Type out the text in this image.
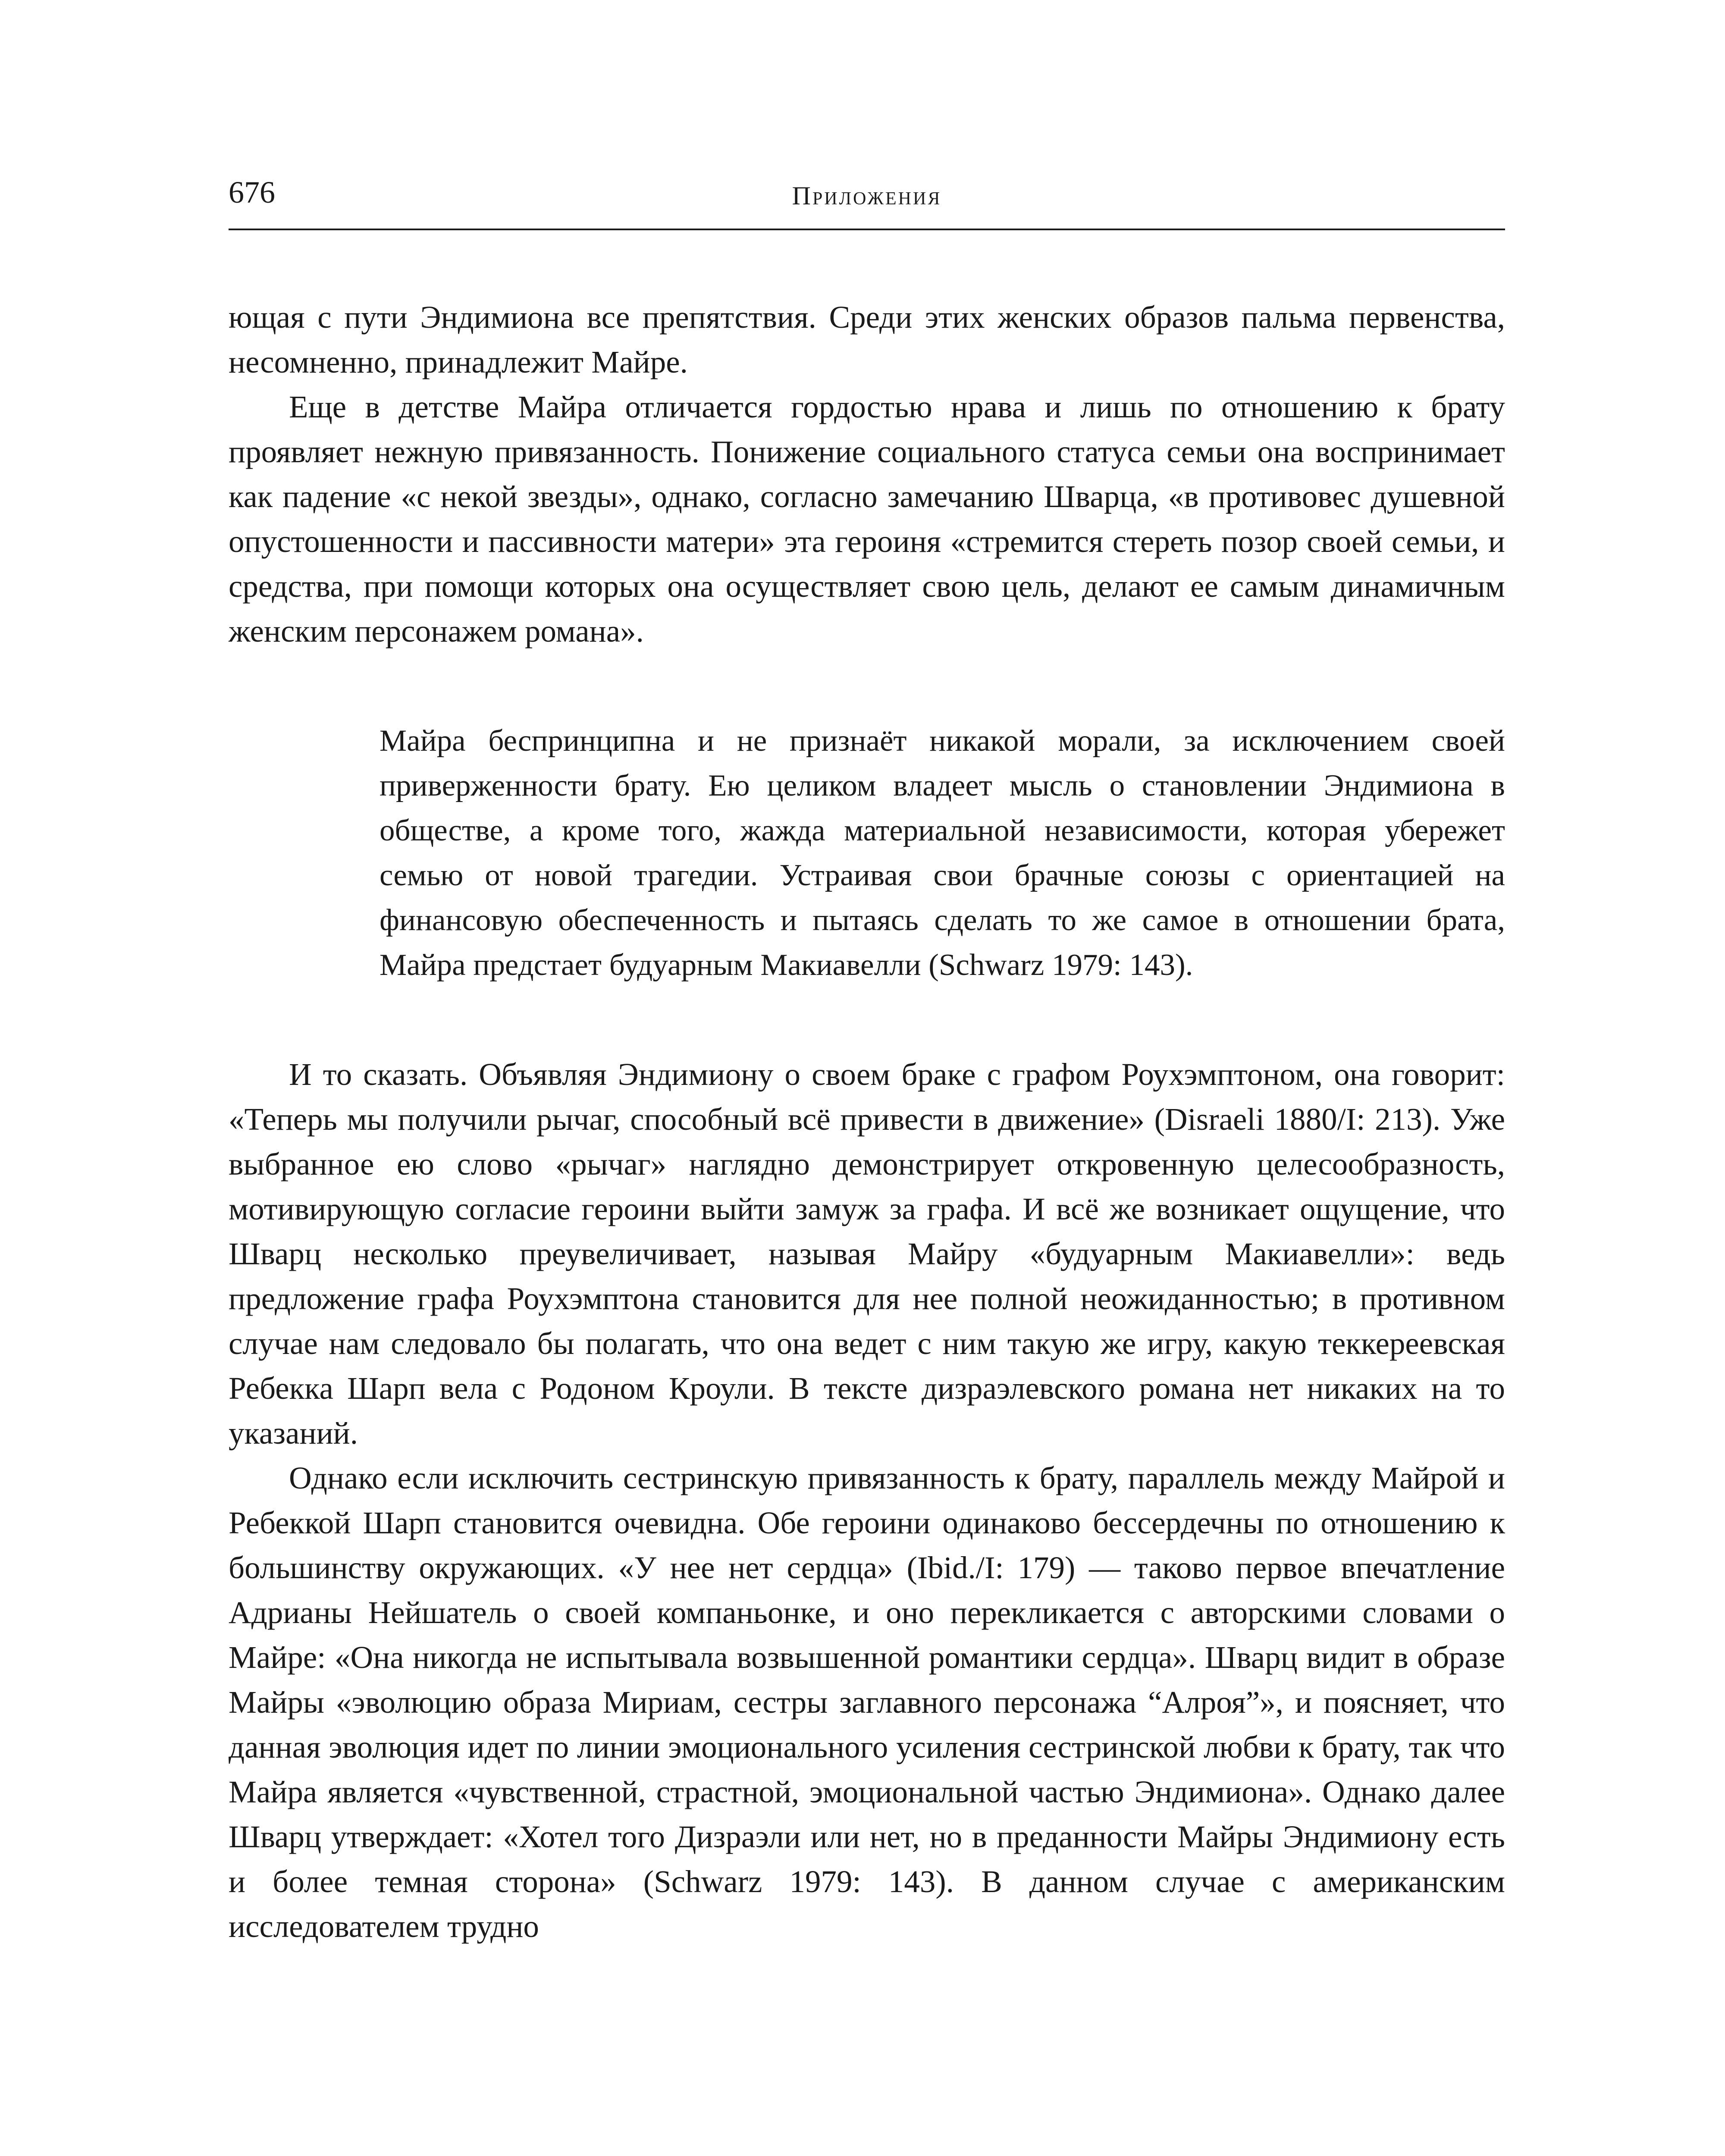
676	Приложения

ющая с пути Эндимиона все препятствия. Среди этих женских образов пальма первенства, несомненно, принадлежит Майре.

Еще в детстве Майра отличается гордостью нрава и лишь по отношению к брату проявляет нежную привязанность. Понижение социального статуса семьи она воспринимает как падение «с некой звезды», однако, согласно замечанию Шварца, «в противовес душевной опустошенности и пассивности матери» эта героиня «стремится стереть позор своей семьи, и средства, при помощи которых она осуществляет свою цель, делают ее самым динамичным женским персонажем романа».

Майра беспринципна и не признаёт никакой морали, за исключением своей приверженности брату. Ею целиком владеет мысль о становлении Эндимиона в обществе, а кроме того, жажда материальной независимости, которая убережет семью от новой трагедии. Устраивая свои брачные союзы с ориентацией на финансовую обеспеченность и пытаясь сделать то же самое в отношении брата, Майра предстает будуарным Макиавелли (Schwarz 1979: 143).

И то сказать. Объявляя Эндимиону о своем браке с графом Роухэмптоном, она говорит: «Теперь мы получили рычаг, способный всё привести в движение» (Disraeli 1880/I: 213). Уже выбранное ею слово «рычаг» наглядно демонстрирует откровенную целесообразность, мотивирующую согласие героини выйти замуж за графа. И всё же возникает ощущение, что Шварц несколько преувеличивает, называя Майру «будуарным Макиавелли»: ведь предложение графа Роухэмптона становится для нее полной неожиданностью; в противном случае нам следовало бы полагать, что она ведет с ним такую же игру, какую теккереевская Ребекка Шарп вела с Родоном Кроули. В тексте дизраэлевского романа нет никаких на то указаний.

Однако если исключить сестринскую привязанность к брату, параллель между Майрой и Ребеккой Шарп становится очевидна. Обе героини одинаково бессердечны по отношению к большинству окружающих. «У нее нет сердца» (Ibid./I: 179) — таково первое впечатление Адрианы Нейшатель о своей компаньонке, и оно перекликается с авторскими словами о Майре: «Она никогда не испытывала возвышенной романтики сердца». Шварц видит в образе Майры «эволюцию образа Мириам, сестры заглавного персонажа “Алроя”», и поясняет, что данная эволюция идет по линии эмоционального усиления сестринской любви к брату, так что Майра является «чувственной, страстной, эмоциональной частью Эндимиона». Однако далее Шварц утверждает: «Хотел того Дизраэли или нет, но в преданности Майры Эндимиону есть и более темная сторона» (Schwarz 1979: 143). В данном случае с американским исследователем трудно
